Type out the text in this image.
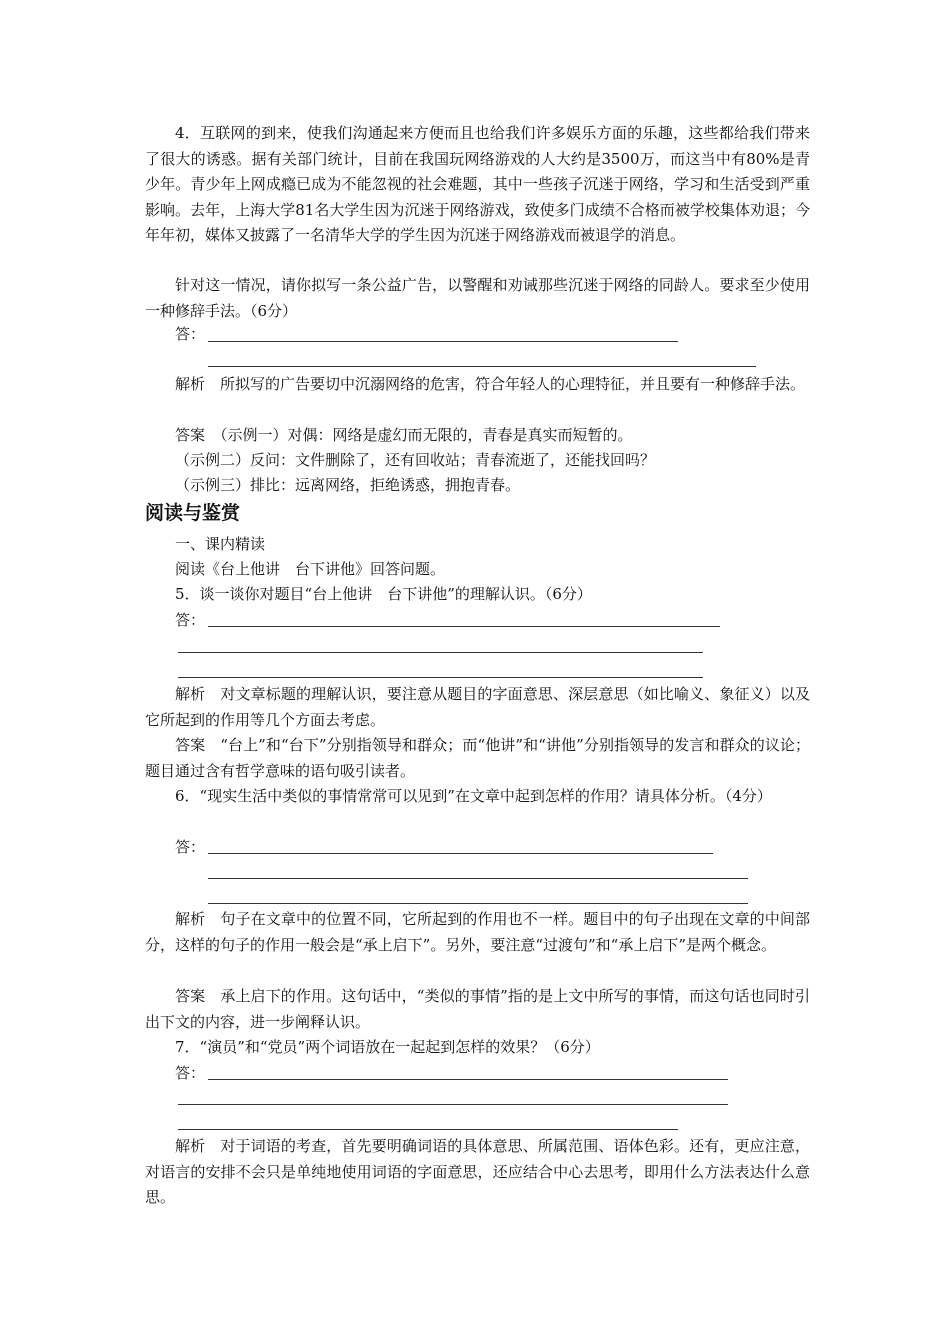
4．互联网的到来，使我们沟通起来方便而且也给我们许多娱乐方面的乐趣，这些都给我们带来了很大的诱惑。据有关部门统计，目前在我国玩网络游戏的人大约是3500万，而这当中有80%是青少年。青少年上网成瘾已成为不能忽视的社会难题，其中一些孩子沉迷于网络，学习和生活受到严重影响。去年，上海大学81名大学生因为沉迷于网络游戏，致使多门成绩不合格而被学校集体劝退；今年年初，媒体又披露了一名清华大学的学生因为沉迷于网络游戏而被退学的消息。

针对这一情况，请你拟写一条公益广告，以警醒和劝诫那些沉迷于网络的同龄人。要求至少使用一种修辞手法。（6分）

答：

解析　所拟写的广告要切中沉溺网络的危害，符合年轻人的心理特征，并且要有一种修辞手法。

答案　（示例一）对偶：网络是虚幻而无限的，青春是真实而短暂的。
（示例二）反问：文件删除了，还有回收站；青春流逝了，还能找回吗？
（示例三）排比：远离网络，拒绝诱惑，拥抱青春。
阅读与鉴赏
一、课内精读
阅读《台上他讲　台下讲他》回答问题。
5．谈一谈你对题目“台上他讲　台下讲他”的理解认识。（6分）
答：

解析　对文章标题的理解认识，要注意从题目的字面意思、深层意思（如比喻义、象征义）以及它所起到的作用等几个方面去考虑。

答案　“台上”和“台下”分别指领导和群众；而“他讲”和“讲他”分别指领导的发言和群众的议论；题目通过含有哲学意味的语句吸引读者。

6．“现实生活中类似的事情常常可以见到”在文章中起到怎样的作用？请具体分析。（4分）

答：

解析　句子在文章中的位置不同，它所起到的作用也不一样。题目中的句子出现在文章的中间部分，这样的句子的作用一般会是“承上启下”。另外，要注意“过渡句”和“承上启下”是两个概念。

答案　承上启下的作用。这句话中，“类似的事情”指的是上文中所写的事情，而这句话也同时引出下文的内容，进一步阐释认识。

7．“演员”和“党员”两个词语放在一起起到怎样的效果？（6分）
答：

解析　对于词语的考查，首先要明确词语的具体意思、所属范围、语体色彩。还有，更应注意，对语言的安排不会只是单纯地使用词语的字面意思，还应结合中心去思考，即用什么方法表达什么意思。
